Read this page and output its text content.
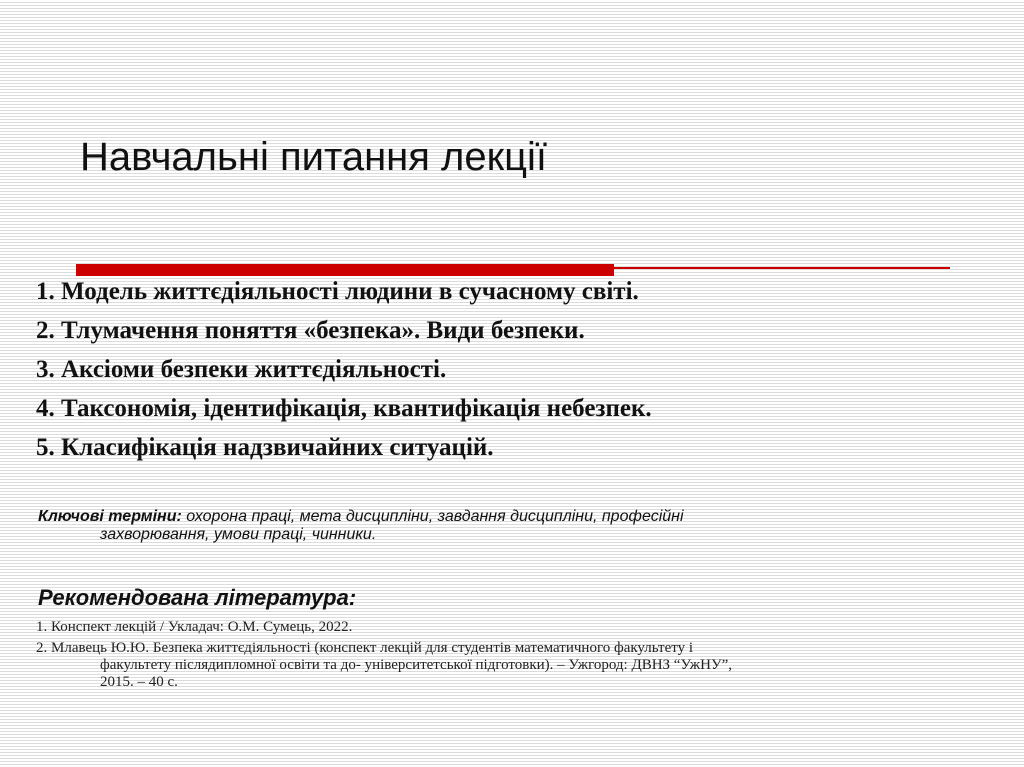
Навчальні питання лекції
1. Модель життєдіяльності людини в сучасному світі.
2. Тлумачення поняття «безпека». Види безпеки.
3. Аксіоми безпеки життєдіяльності.
4. Таксономія, ідентифікація, квантифікація небезпек.
5. Класифікація надзвичайних ситуацій.
Ключові терміни: охорона праці, мета дисципліни, завдання дисципліни, професійні
захворювання, умови праці, чинники.
Рекомендована література:

1. Конспект лекцій / Укладач: О.М. Сумець, 2022.

2. Млавець Ю.Ю. Безпека життєдіяльності (конспект лекцій для студентів математичного факультету і
факультету післядипломної освіти та до- університетської підготовки). – Ужгород: ДВНЗ “УжНУ”,
2015. – 40 с.
